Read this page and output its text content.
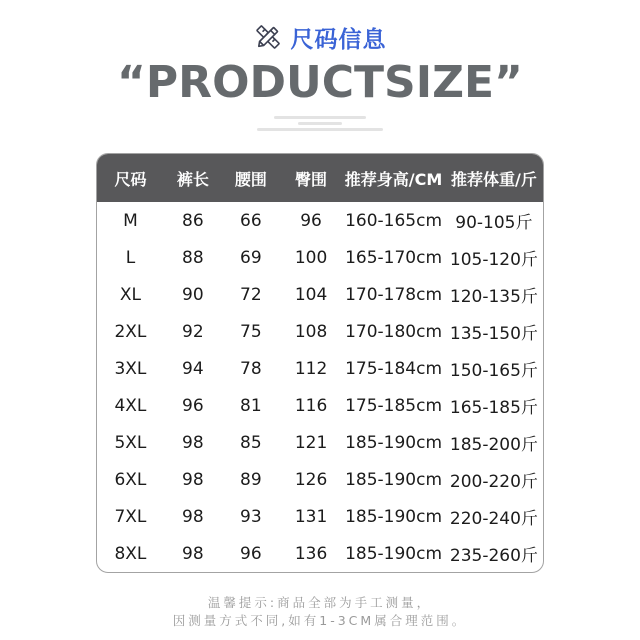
尺码信息
“PRODUCTSIZE”
尺码	裤长	腰围	臀围	推荐身高/CM 推荐体重/斤
M	86	66	96	160-165cm 90-105斤
L	88	69	100	165-170cm 105-120斤
XL	90	72	104	170-178cm 120-135斤
2XL	92	75	108	170-180cm 135-150斤
3XL	94	78	112	175-184cm 150-165斤
4XL	96	81	116	175-185cm 165-185斤
5XL	98	85	121	185-190cm 185-200斤
6XL	98	89	126	185-190cm 200-220斤
7XL	98	93	131	185-190cm 220-240斤
8XL	98	96	136	185-190cm 235-260斤
温馨提示:商品全部为手工测量，
因测量方式不同,如有1-3CM属合理范围。
